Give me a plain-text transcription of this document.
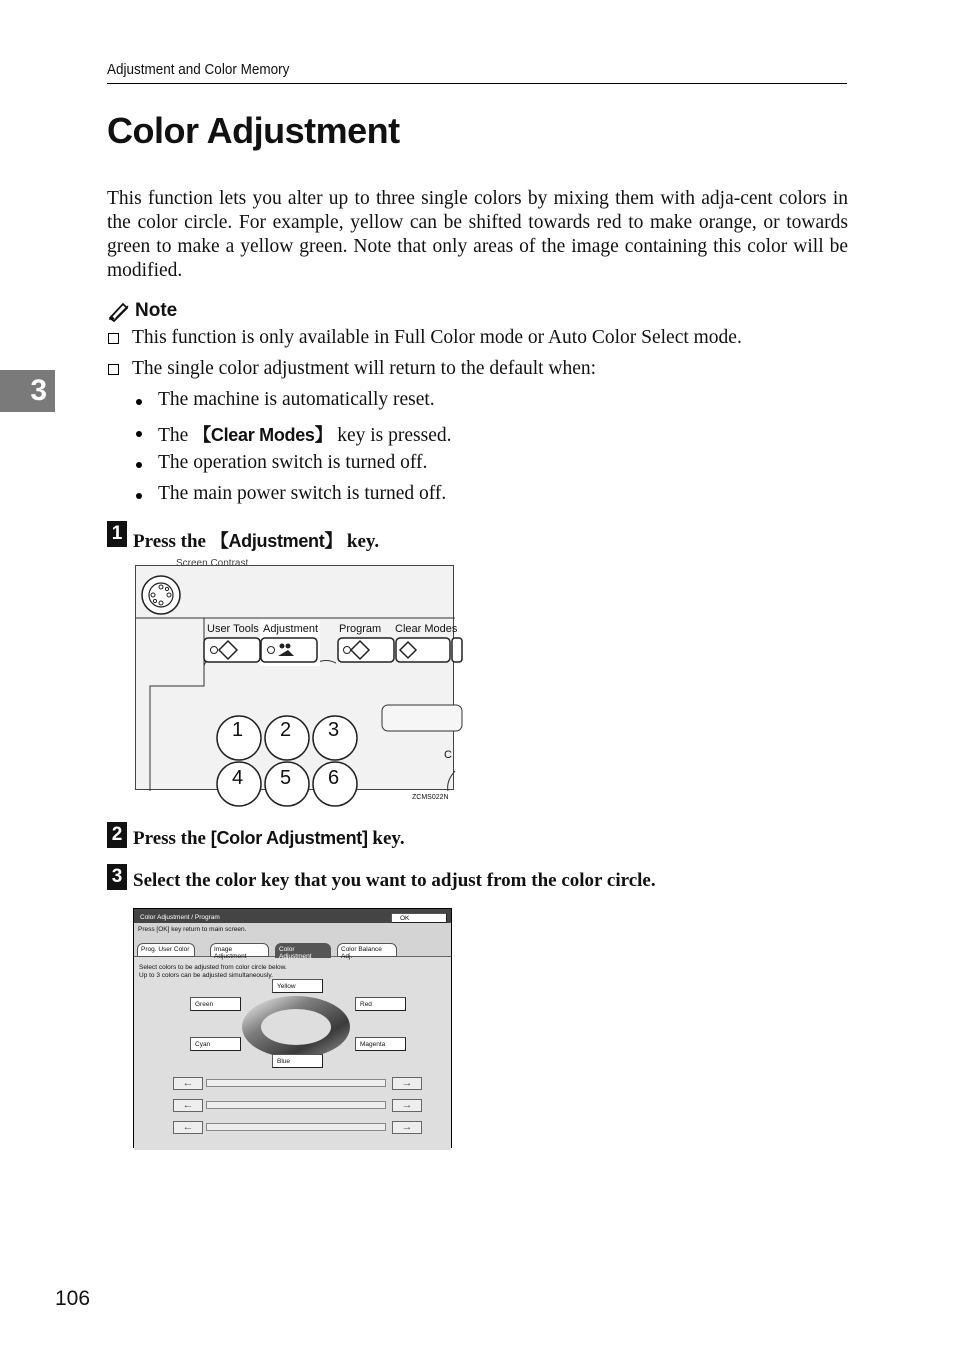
Adjustment and Color Memory
Color Adjustment

This function lets you alter up to three single colors by mixing them with adja-cent colors in the color circle. For example, yellow can be shifted towards red to make orange, or towards green to make a yellow green. Note that only areas of the image containing this color will be modified.

3
Note
This function is only available in Full Color mode or Auto Color Select mode.
The single color adjustment will return to the default when:
The machine is automatically reset.
The 【Clear Modes】 key is pressed.
The operation switch is turned off.
The main power switch is turned off.
1 Press the 【Adjustment】 key.
Screen Contrast
User Tools Adjustment Program Clear Modes
1 2 3
4 5 6
C
ZCMS022N
2 Press the [Color Adjustment] key.
3 Select the color key that you want to adjust from the color circle.
Color Adjustment / Program	OK
Press [OK] key return to main screen.
Prog. User Color	Image Adjustment
Color Adjustment
Color Balance Adj.
Select colors to be adjusted from color circle below.
Up to 3 colors can be adjusted simultaneously.
Yellow
Green	Red
Cyan	Magenta
Blue
←	→
←	→
←	→
106
